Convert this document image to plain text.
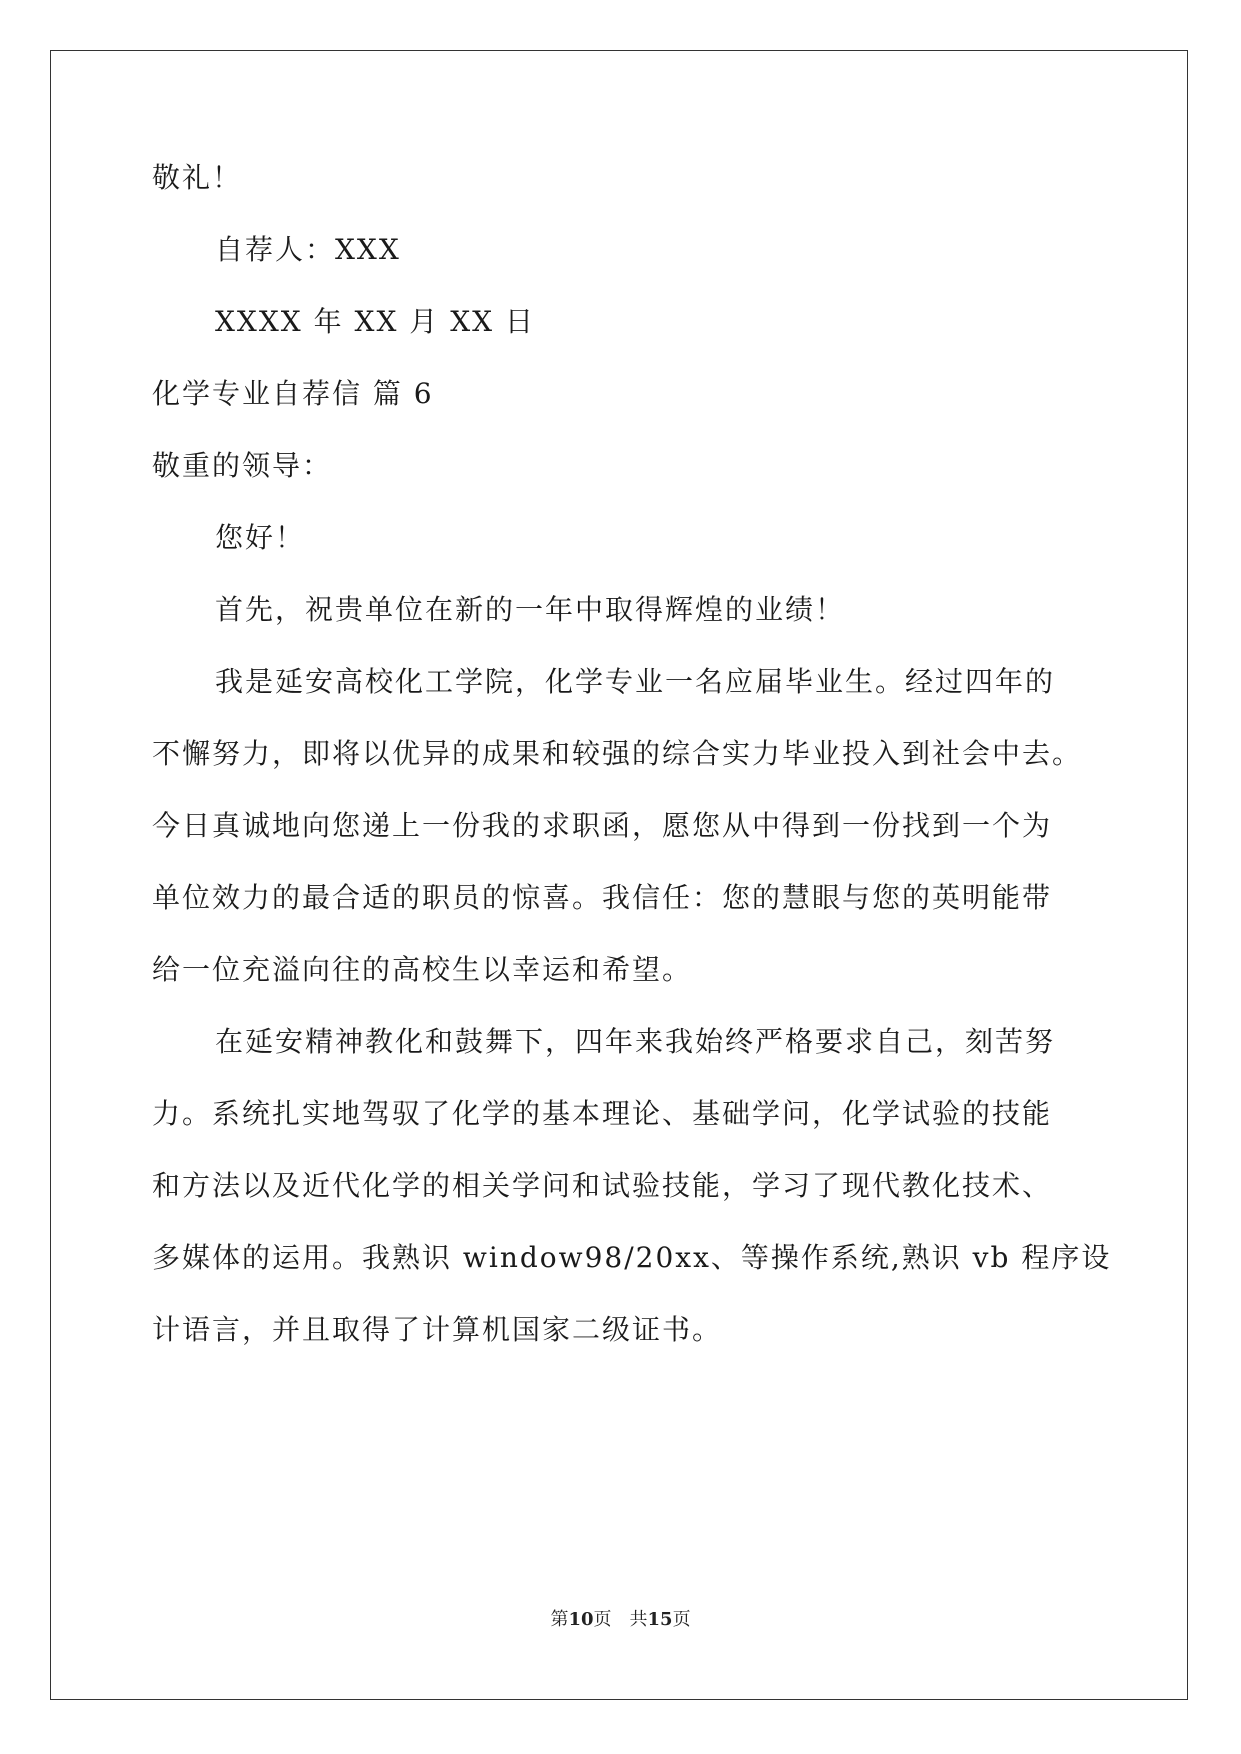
敬礼！
自荐人：XXX
XXXX 年 XX 月 XX 日
化学专业自荐信 篇 6
敬重的领导：
您好！
首先，祝贵单位在新的一年中取得辉煌的业绩！
我是延安高校化工学院，化学专业一名应届毕业生。经过四年的
不懈努力，即将以优异的成果和较强的综合实力毕业投入到社会中去。
今日真诚地向您递上一份我的求职函，愿您从中得到一份找到一个为
单位效力的最合适的职员的惊喜。我信任：您的慧眼与您的英明能带
给一位充溢向往的高校生以幸运和希望。
在延安精神教化和鼓舞下，四年来我始终严格要求自己，刻苦努
力。系统扎实地驾驭了化学的基本理论、基础学问，化学试验的技能
和方法以及近代化学的相关学问和试验技能，学习了现代教化技术、
多媒体的运用。我熟识 window98/20xx、等操作系统,熟识 vb 程序设
计语言，并且取得了计算机国家二级证书。
第10页　共15页
